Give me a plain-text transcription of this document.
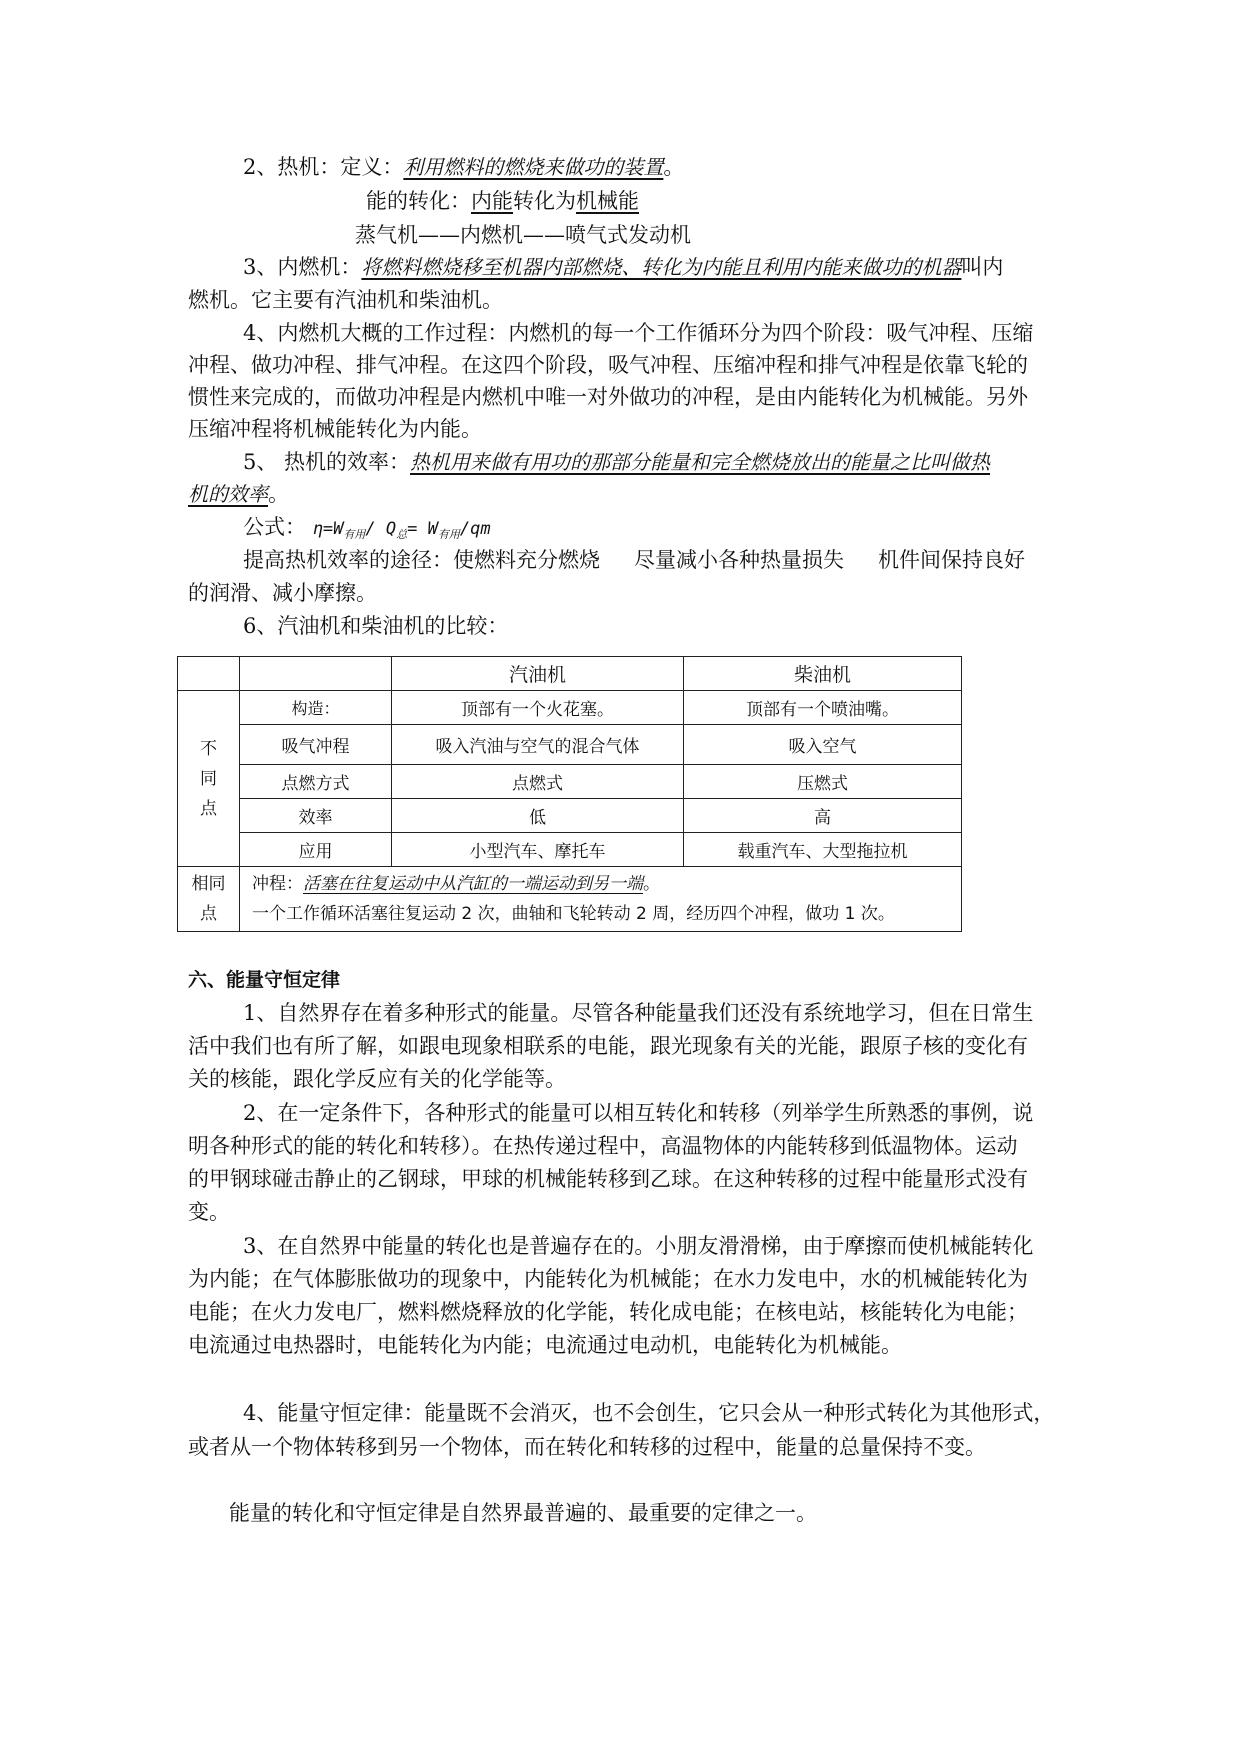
2、热机：定义：利用燃料的燃烧来做功的装置。
能的转化：内能转化为机械能
蒸气机——内燃机——喷气式发动机
3、内燃机：将燃料燃烧移至机器内部燃烧、转化为内能且利用内能来做功的机器叫内
燃机。它主要有汽油机和柴油机。
4、内燃机大概的工作过程：内燃机的每一个工作循环分为四个阶段：吸气冲程、压缩
冲程、做功冲程、排气冲程。在这四个阶段，吸气冲程、压缩冲程和排气冲程是依靠飞轮的
惯性来完成的，而做功冲程是内燃机中唯一对外做功的冲程，是由内能转化为机械能。另外
压缩冲程将机械能转化为内能。
5、 热机的效率：热机用来做有用功的那部分能量和完全燃烧放出的能量之比叫做热
机的效率。
公式： $\eta=W_{有用}/$ $Q_总= W_{有用}/qm$
提高热机效率的途径：使燃料充分燃烧 尽量减小各种热量损失 机件间保持良好
的润滑、减小摩擦。
6、汽油机和柴油机的比较：
		汽油机	柴油机

不同点	构造：	顶部有一个火花塞。	顶部有一个喷油嘴。
	吸气冲程	吸入汽油与空气的混合气体	吸入空气
	点燃方式	点燃式	压燃式
	效率	低	高
	应用	小型汽车、摩托车	载重汽车、大型拖拉机

相同点	冲程：活塞在往复运动中从汽缸的一端运动到另一端。
一个工作循环活塞往复运动 2 次，曲轴和飞轮转动 2 周，经历四个冲程，做功 1 次。		
六、能量守恒定律
1、自然界存在着多种形式的能量。尽管各种能量我们还没有系统地学习，但在日常生
活中我们也有所了解，如跟电现象相联系的电能，跟光现象有关的光能，跟原子核的变化有
关的核能，跟化学反应有关的化学能等。
2、在一定条件下，各种形式的能量可以相互转化和转移（列举学生所熟悉的事例，说
明各种形式的能的转化和转移）。在热传递过程中，高温物体的内能转移到低温物体。运动
的甲钢球碰击静止的乙钢球，甲球的机械能转移到乙球。在这种转移的过程中能量形式没有
变。
3、在自然界中能量的转化也是普遍存在的。小朋友滑滑梯，由于摩擦而使机械能转化
为内能；在气体膨胀做功的现象中，内能转化为机械能；在水力发电中，水的机械能转化为
电能；在火力发电厂，燃料燃烧释放的化学能，转化成电能；在核电站，核能转化为电能；
电流通过电热器时，电能转化为内能；电流通过电动机，电能转化为机械能。
4、能量守恒定律：能量既不会消灭，也不会创生，它只会从一种形式转化为其他形式，
或者从一个物体转移到另一个物体，而在转化和转移的过程中，能量的总量保持不变。
能量的转化和守恒定律是自然界最普遍的、最重要的定律之一。
